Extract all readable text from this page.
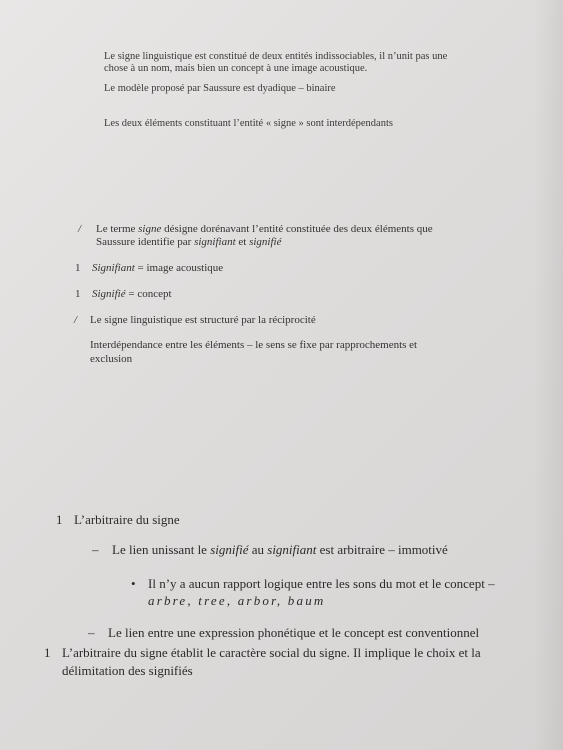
Le signe linguistique est constitué de deux entités indissociables, il n’unit pas une
chose à un nom, mais bien un concept à une image acoustique.
Le modèle proposé par Saussure est dyadique – binaire
Les deux éléments constituant l’entité « signe » sont interdépendants
/ Le terme signe désigne dorénavant l’entité constituée des deux éléments que
Saussure identifie par signifiant et signifié
1 Signifiant = image acoustique
1 Signifié = concept
/ Le signe linguistique est structuré par la réciprocité
Interdépendance entre les éléments – le sens se fixe par rapprochements et
exclusion
1 L’arbitraire du signe
– Le lien unissant le signifié au signifiant est arbitraire – immotivé
• Il n’y a aucun rapport logique entre les sons du mot et le concept –
arbre, tree, arbor, baum
– Le lien entre une expression phonétique et le concept est conventionnel
1 L’arbitraire du signe établit le caractère social du signe. Il implique le choix et la
délimitation des signifiés
